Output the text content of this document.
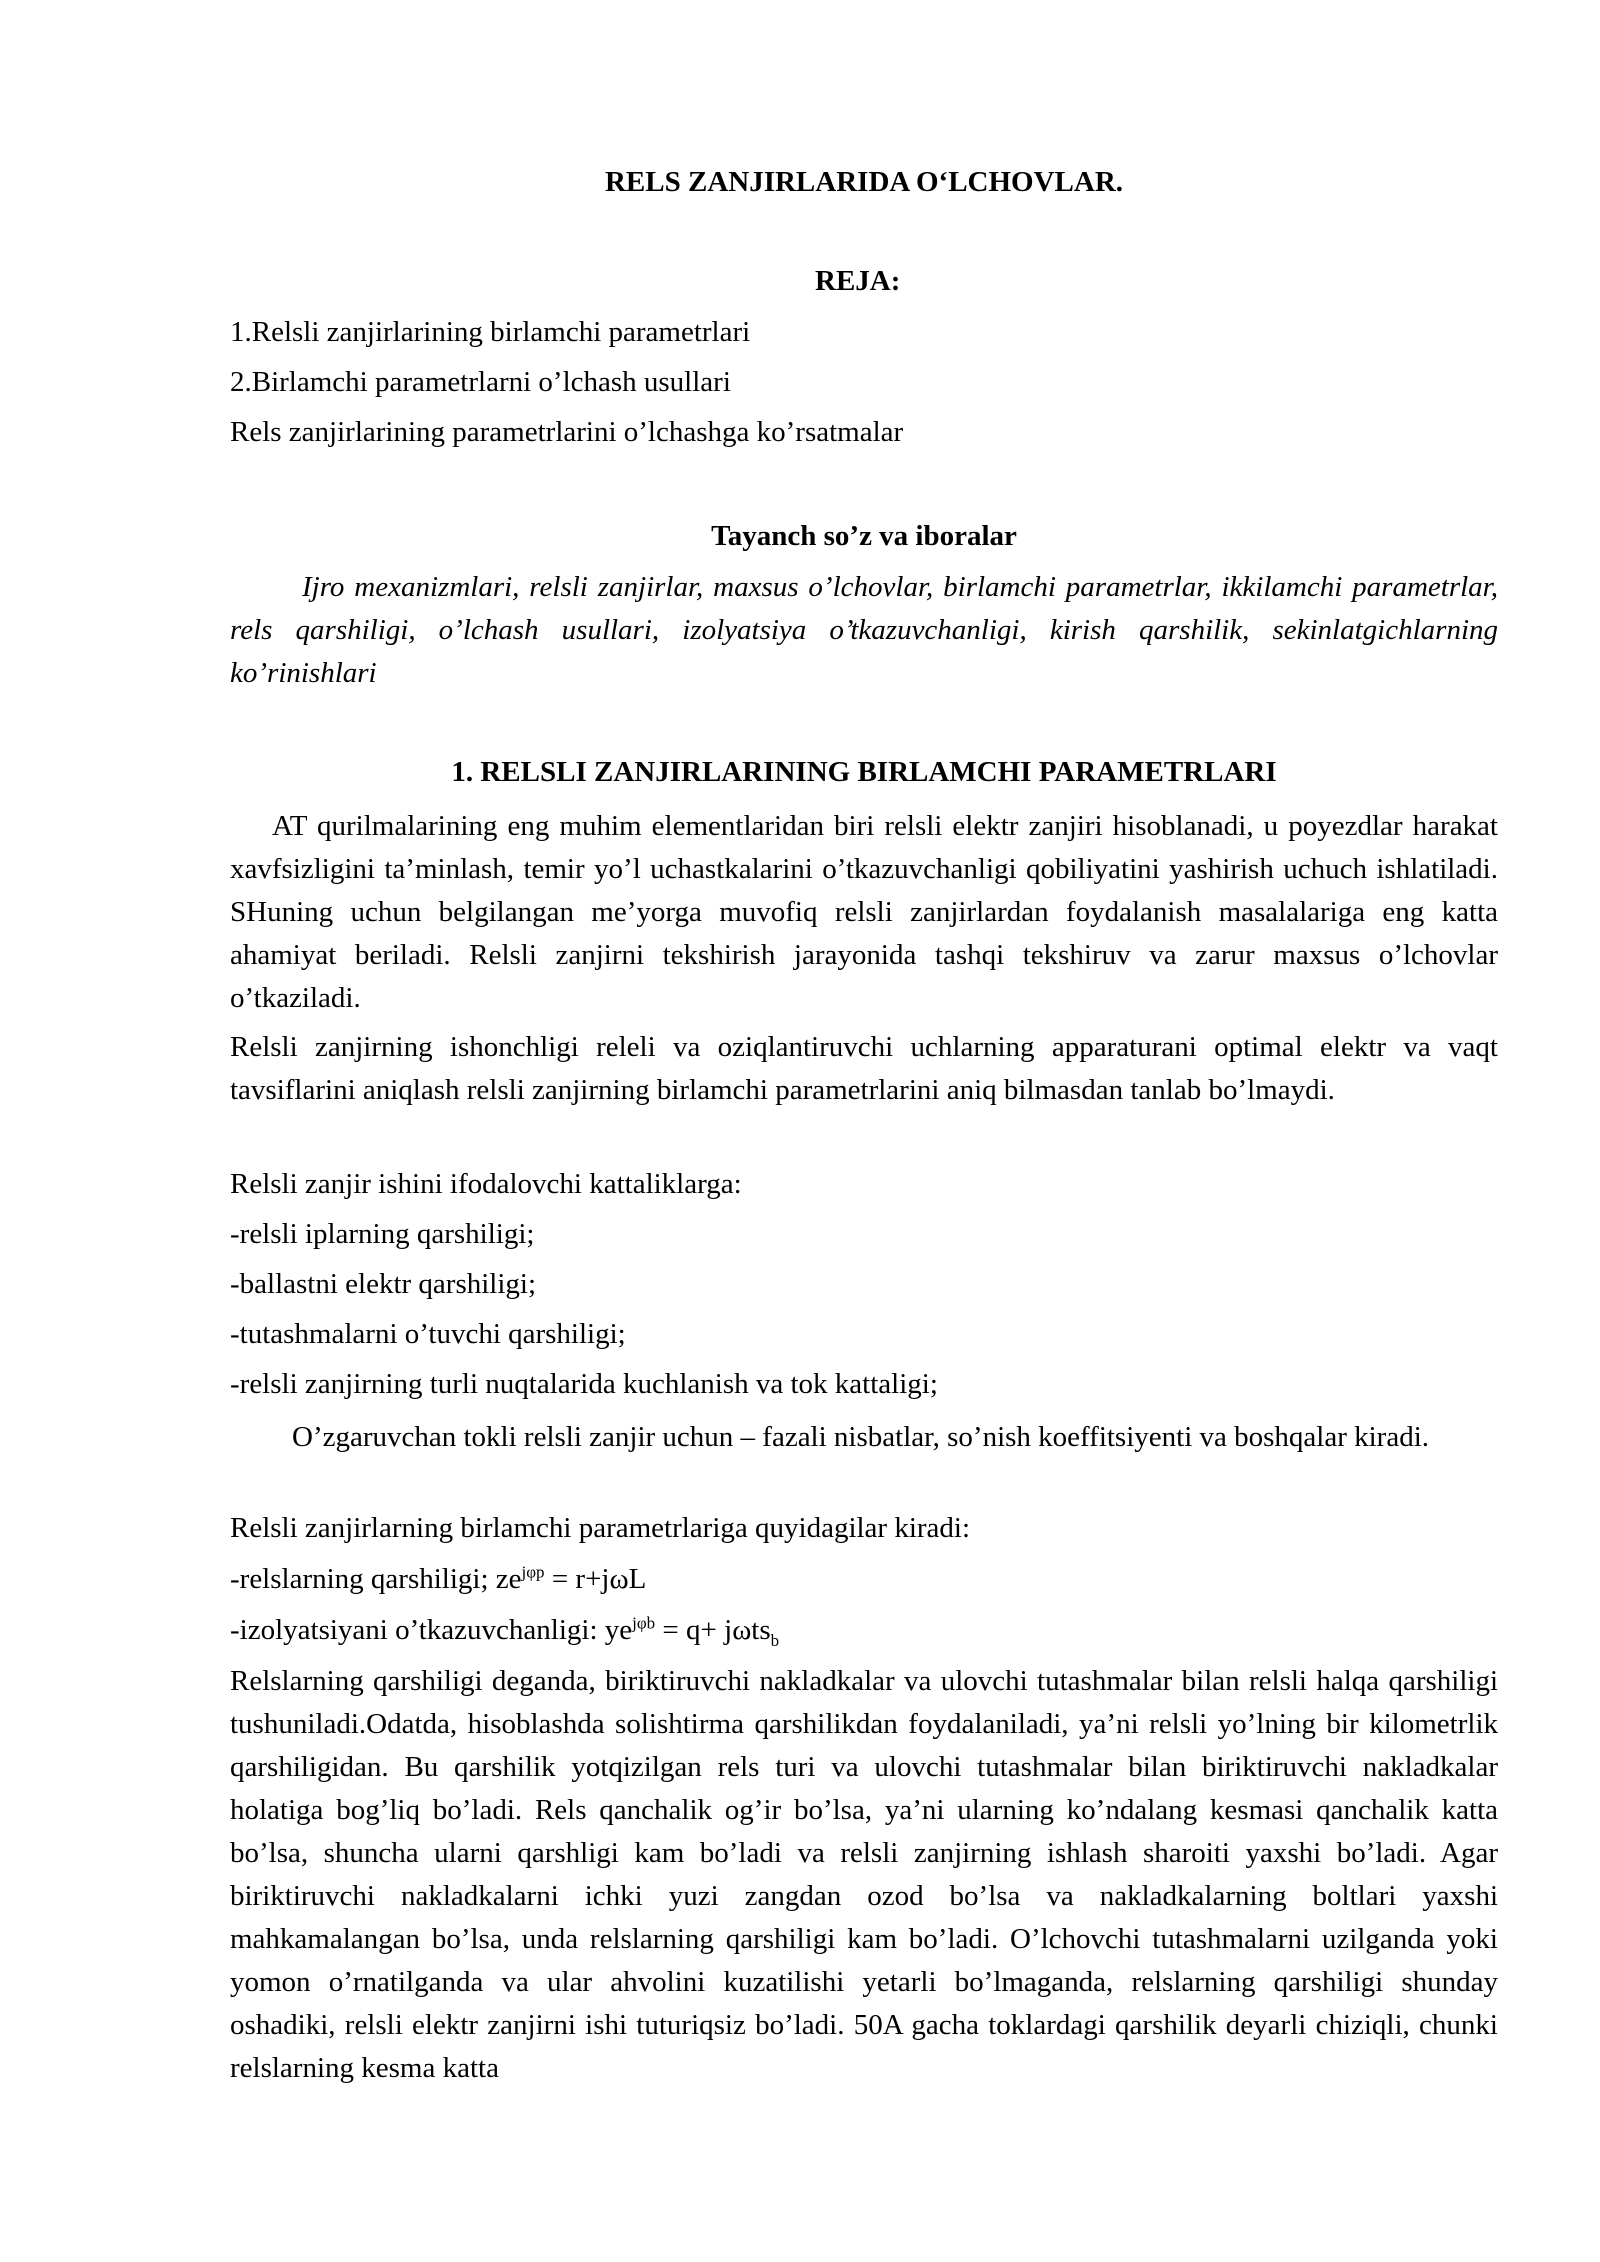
RELS ZANJIRLARIDA O‘LCHOVLAR.
REJA:
1.Relsli zanjirlarining birlamchi parametrlari
2.Birlamchi parametrlarni o’lchash usullari
Rels zanjirlarining parametrlarini o’lchashga ko’rsatmalar
Tayanch so’z va iboralar
Ijro mexanizmlari, relsli zanjirlar, maxsus o’lchovlar, birlamchi parametrlar, ikkilamchi parametrlar, rels qarshiligi, o’lchash usullari, izolyatsiya o’tkazuvchanligi, kirish qarshilik, sekinlatgichlarning ko’rinishlari
1. RELSLI ZANJIRLARINING BIRLAMCHI PARAMETRLARI
AT qurilmalarining eng muhim elementlaridan biri relsli elektr zanjiri hisoblanadi, u poyezdlar harakat xavfsizligini ta’minlash, temir yo’l uchastkalarini o’tkazuvchanligi qobiliyatini yashirish uchuch ishlatiladi. SHuning uchun belgilangan me’yorga muvofiq relsli zanjirlardan foydalanish masalalariga eng katta ahamiyat beriladi. Relsli zanjirni tekshirish jarayonida tashqi tekshiruv va zarur maxsus o’lchovlar o’tkaziladi.
Relsli zanjirning ishonchligi releli va oziqlantiruvchi uchlarning apparaturani optimal elektr va vaqt tavsiflarini aniqlash relsli zanjirning birlamchi parametrlarini aniq bilmasdan tanlab bo’lmaydi.
Relsli zanjir ishini ifodalovchi kattaliklarga:
-relsli iplarning qarshiligi;
-ballastni elektr qarshiligi;
-tutashmalarni o’tuvchi qarshiligi;
-relsli zanjirning turli nuqtalarida kuchlanish va tok kattaligi;
O’zgaruvchan tokli relsli zanjir uchun – fazali nisbatlar, so’nish koeffitsiyenti va boshqalar kiradi.
Relsli zanjirlarning birlamchi parametrlariga quyidagilar kiradi:
-relslarning qarshiligi; $ze^{j\varphi p} = r+j\omega L$
-izolyatsiyani o’tkazuvchanligi: $ye^{j\varphi b} = q+ j\omega ts_b$
Relslarning qarshiligi deganda, biriktiruvchi nakladkalar va ulovchi tutashmalar bilan relsli halqa qarshiligi tushuniladi.Odatda, hisoblashda solishtirma qarshilikdan foydalaniladi, ya’ni relsli yo’lning bir kilometrlik qarshiligidan. Bu qarshilik yotqizilgan rels turi va ulovchi tutashmalar bilan biriktiruvchi nakladkalar holatiga bog’liq bo’ladi. Rels qanchalik og’ir bo’lsa, ya’ni ularning ko’ndalang kesmasi qanchalik katta bo’lsa, shuncha ularni qarshligi kam bo’ladi va relsli zanjirning ishlash sharoiti yaxshi bo’ladi. Agar biriktiruvchi nakladkalarni ichki yuzi zangdan ozod bo’lsa va nakladkalarning boltlari yaxshi mahkamalangan bo’lsa, unda relslarning qarshiligi kam bo’ladi. O’lchovchi tutashmalarni uzilganda yoki yomon o’rnatilganda va ular ahvolini kuzatilishi yetarli bo’lmaganda, relslarning qarshiligi shunday oshadiki, relsli elektr zanjirni ishi tuturiqsiz bo’ladi. 50A gacha toklardagi qarshilik deyarli chiziqli, chunki relslarning kesma katta
